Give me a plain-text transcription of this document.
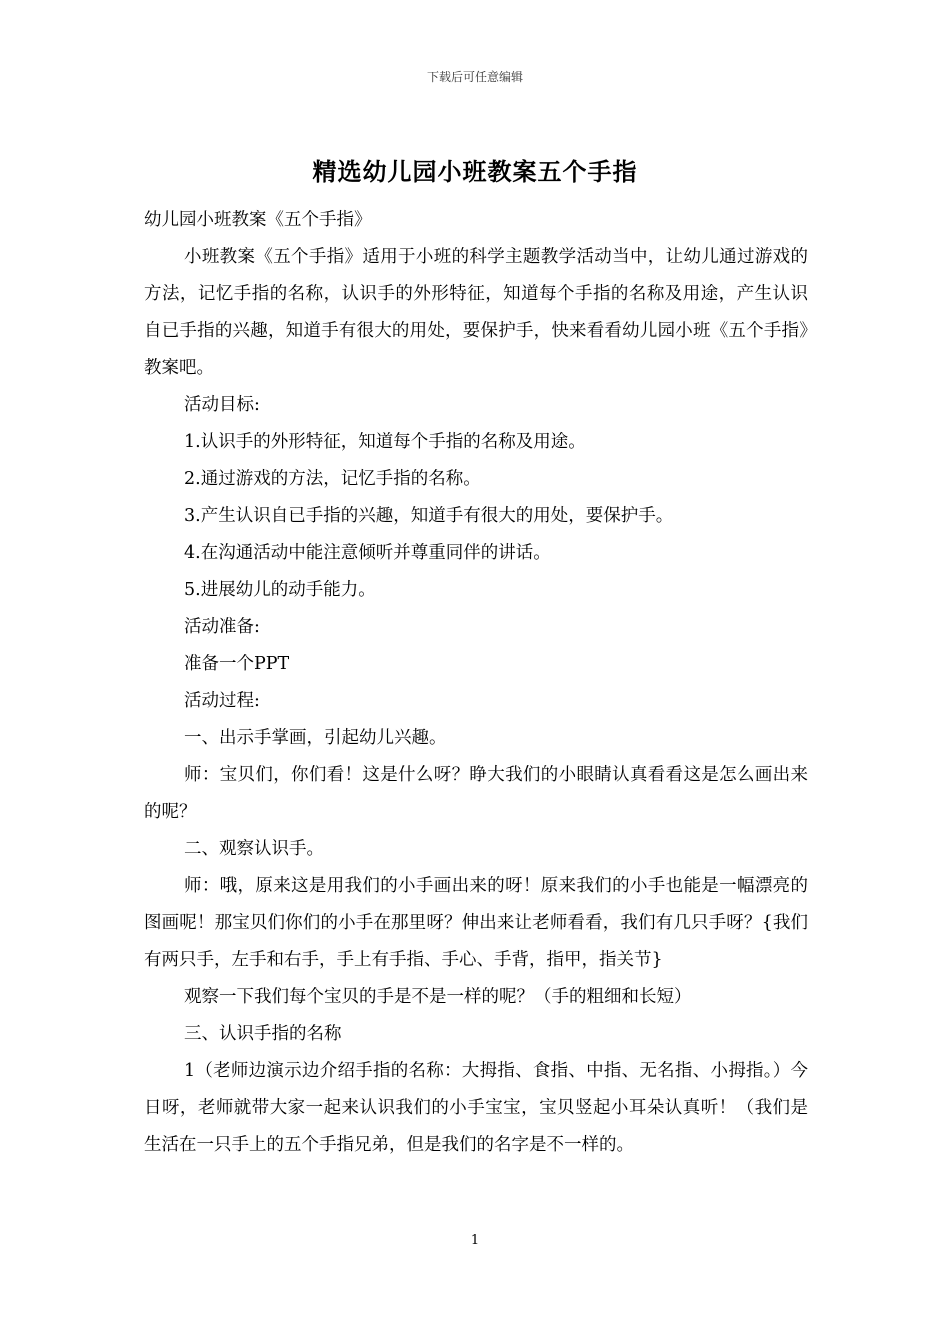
下载后可任意编辑
精选幼儿园小班教案五个手指

幼儿园小班教案《五个手指》

小班教案《五个手指》适用于小班的科学主题教学活动当中，让幼儿通过游戏的方法，记忆手指的名称，认识手的外形特征，知道每个手指的名称及用途，产生认识自已手指的兴趣，知道手有很大的用处，要保护手，快来看看幼儿园小班《五个手指》教案吧。

活动目标:

1.认识手的外形特征，知道每个手指的名称及用途。

2.通过游戏的方法，记忆手指的名称。

3.产生认识自已手指的兴趣，知道手有很大的用处，要保护手。

4.在沟通活动中能注意倾听并尊重同伴的讲话。

5.进展幼儿的动手能力。

活动准备:

准备一个PPT

活动过程:

一、出示手掌画，引起幼儿兴趣。

师：宝贝们，你们看！这是什么呀？睁大我们的小眼睛认真看看这是怎么画出来的呢？

二、观察认识手。

师：哦，原来这是用我们的小手画出来的呀！原来我们的小手也能是一幅漂亮的图画呢！那宝贝们你们的小手在那里呀？伸出来让老师看看，我们有几只手呀？{我们有两只手，左手和右手，手上有手指、手心、手背，指甲，指关节}

观察一下我们每个宝贝的手是不是一样的呢？（手的粗细和长短）

三、认识手指的名称

1（老师边演示边介绍手指的名称：大拇指、食指、中指、无名指、小拇指。）今日呀，老师就带大家一起来认识我们的小手宝宝，宝贝竖起小耳朵认真听！（我们是生活在一只手上的五个手指兄弟，但是我们的名字是不一样的。

1
